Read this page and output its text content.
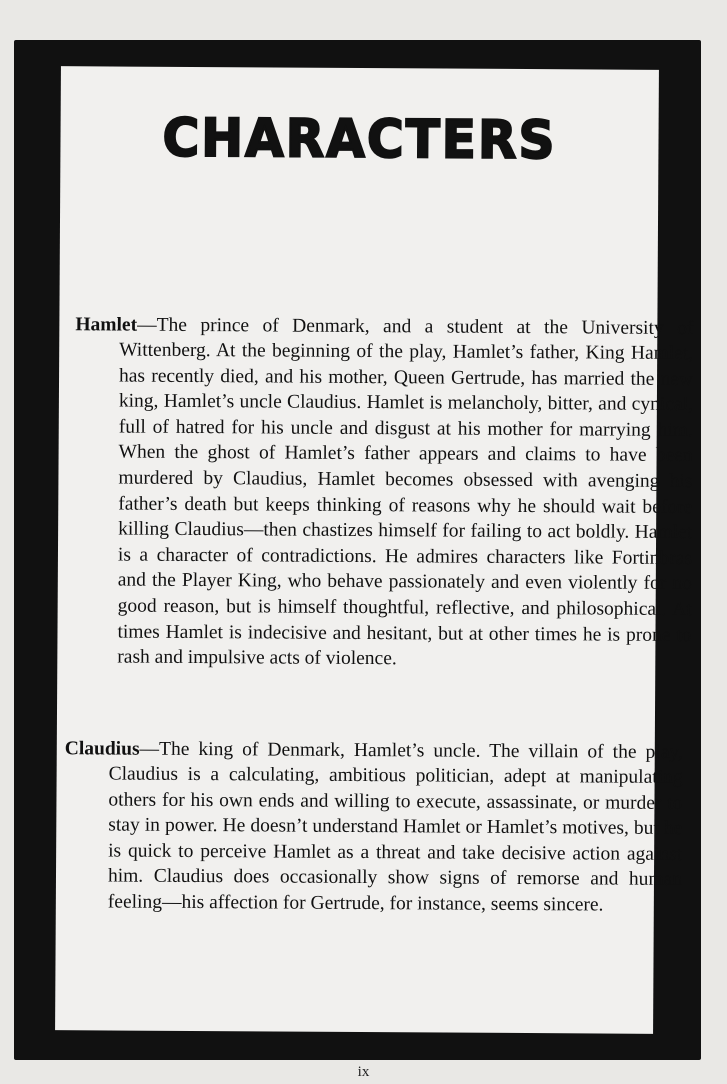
CHARACTERS

Hamlet—The prince of Denmark, and a student at the University of Wittenberg. At the beginning of the play, Hamlet’s father, King Hamlet, has recently died, and his mother, Queen Gertrude, has married the new king, Hamlet’s uncle Claudius. Hamlet is melancholy, bitter, and cynical, full of hatred for his uncle and disgust at his mother for marrying him. When the ghost of Hamlet’s father appears and claims to have been murdered by Claudius, Hamlet becomes obsessed with avenging his father’s death but keeps thinking of reasons why he should wait before killing Claudius—then chastizes himself for failing to act boldly. Hamlet is a character of contradictions. He admires characters like Fortinbras and the Player King, who behave passionately and even violently for no good reason, but is himself thoughtful, reflective, and philosophical. At times Hamlet is indecisive and hesitant, but at other times he is prone to rash and impulsive acts of violence.

Claudius—The king of Denmark, Hamlet’s uncle. The villain of the play, Claudius is a calculating, ambitious politician, adept at manipulating others for his own ends and willing to execute, assassinate, or murder to stay in power. He doesn’t understand Hamlet or Hamlet’s motives, but he is quick to perceive Hamlet as a threat and take decisive action against him. Claudius does occasionally show signs of remorse and human feeling—his affection for Gertrude, for instance, seems sincere.

ix
